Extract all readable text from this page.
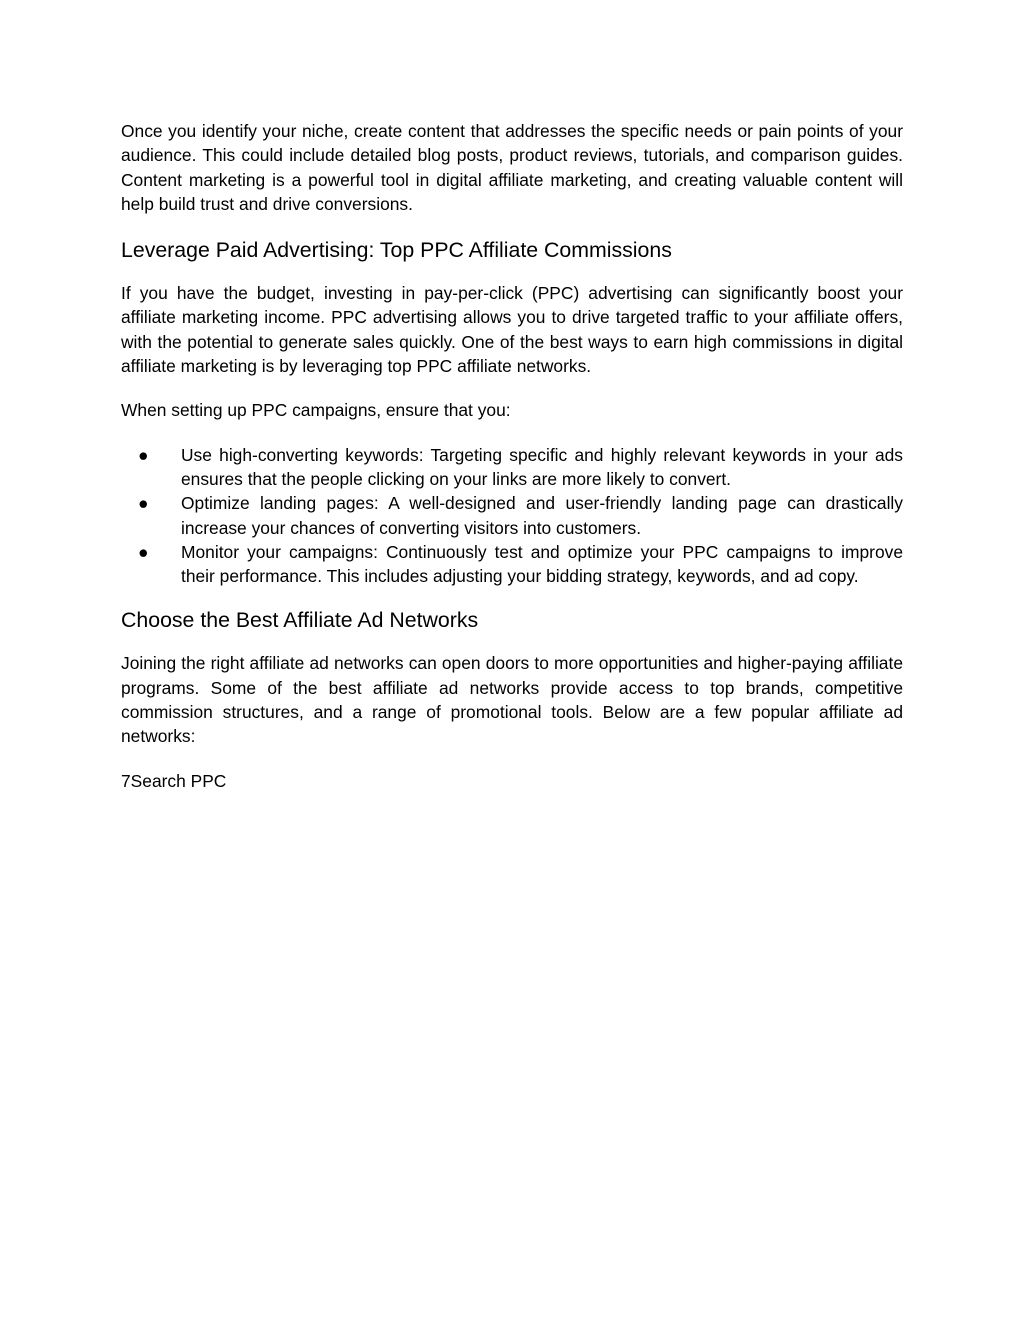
Once you identify your niche, create content that addresses the specific needs or pain points of your audience. This could include detailed blog posts, product reviews, tutorials, and comparison guides. Content marketing is a powerful tool in digital affiliate marketing, and creating valuable content will help build trust and drive conversions.

Leverage Paid Advertising: Top PPC Affiliate Commissions

If you have the budget, investing in pay-per-click (PPC) advertising can significantly boost your affiliate marketing income. PPC advertising allows you to drive targeted traffic to your affiliate offers, with the potential to generate sales quickly. One of the best ways to earn high commissions in digital affiliate marketing is by leveraging top PPC affiliate networks.

When setting up PPC campaigns, ensure that you:

● Use high-converting keywords: Targeting specific and highly relevant keywords in your ads ensures that the people clicking on your links are more likely to convert.
● Optimize landing pages: A well-designed and user-friendly landing page can drastically increase your chances of converting visitors into customers.
● Monitor your campaigns: Continuously test and optimize your PPC campaigns to improve their performance. This includes adjusting your bidding strategy, keywords, and ad copy.
Choose the Best Affiliate Ad Networks

Joining the right affiliate ad networks can open doors to more opportunities and higher-paying affiliate programs. Some of the best affiliate ad networks provide access to top brands, competitive commission structures, and a range of promotional tools. Below are a few popular affiliate ad networks:

7Search PPC
